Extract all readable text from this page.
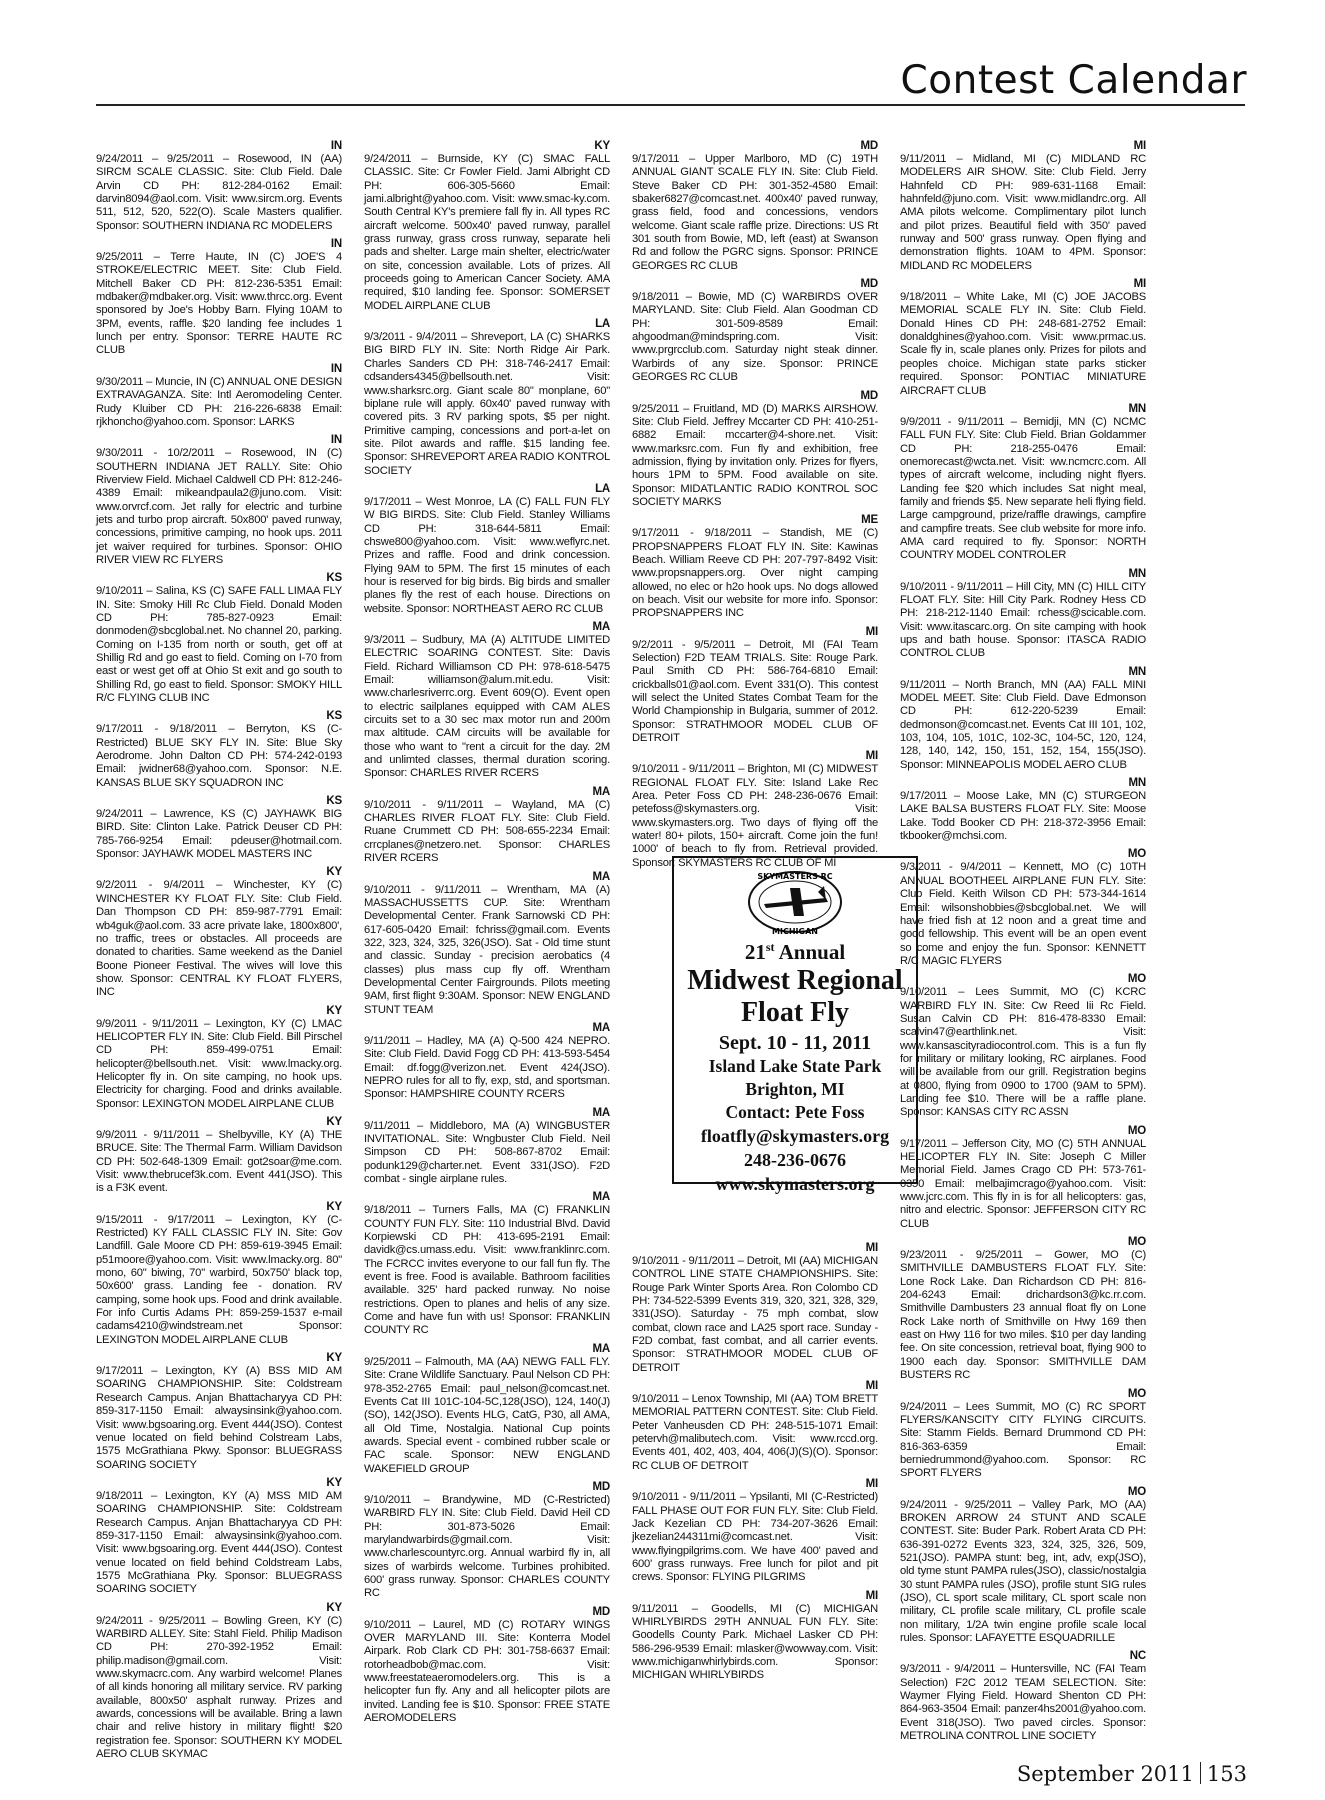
Contest Calendar
IN
9/24/2011 – 9/25/2011 – Rosewood, IN (AA) SIRCM SCALE CLASSIC. Site: Club Field. Dale Arvin CD PH: 812-284-0162 Email: darvin8094@aol.com. Visit: www.sircm.org. Events 511, 512, 520, 522(O). Scale Masters qualifier. Sponsor: SOUTHERN INDIANA RC MODELERS
IN
9/25/2011 – Terre Haute, IN (C) JOE'S 4 STROKE/ELECTRIC MEET. Site: Club Field. Mitchell Baker CD PH: 812-236-5351 Email: mdbaker@mdbaker.org. Visit: www.thrcc.org. Event sponsored by Joe's Hobby Barn. Flying 10AM to 3PM, events, raffle. $20 landing fee includes 1 lunch per entry. Sponsor: TERRE HAUTE RC CLUB
IN
9/30/2011 – Muncie, IN (C) ANNUAL ONE DESIGN EXTRAVAGANZA. Site: Intl Aeromodeling Center. Rudy Kluiber CD PH: 216-226-6838 Email: rjkhoncho@yahoo.com. Sponsor: LARKS
IN
9/30/2011 - 10/2/2011 – Rosewood, IN (C) SOUTHERN INDIANA JET RALLY. Site: Ohio Riverview Field. Michael Caldwell CD PH: 812-246-4389 Email: mikeandpaula2@juno.com. Visit: www.orvrcf.com. Jet rally for electric and turbine jets and turbo prop aircraft. 50x800' paved runway, concessions, primitive camping, no hook ups. 2011 jet waiver required for turbines. Sponsor: OHIO RIVER VIEW RC FLYERS
KS
9/10/2011 – Salina, KS (C) SAFE FALL LIMAA FLY IN. Site: Smoky Hill Rc Club Field. Donald Moden CD PH: 785-827-0923 Email: donmoden@sbcglobal.net. No channel 20, parking. Coming on I-135 from north or south, get off at Shillig Rd and go east to field. Coming on I-70 from east or west get off at Ohio St exit and go south to Shilling Rd, go east to field. Sponsor: SMOKY HILL R/C FLYING CLUB INC
KS
9/17/2011 - 9/18/2011 – Berryton, KS (C-Restricted) BLUE SKY FLY IN. Site: Blue Sky Aerodrome. John Dalton CD PH: 574-242-0193 Email: jwidner68@yahoo.com. Sponsor: N.E. KANSAS BLUE SKY SQUADRON INC
KS
9/24/2011 – Lawrence, KS (C) JAYHAWK BIG BIRD. Site: Clinton Lake. Patrick Deuser CD PH: 785-766-9254 Email: pdeuser@hotmail.com. Sponsor: JAYHAWK MODEL MASTERS INC
KY
9/2/2011 - 9/4/2011 – Winchester, KY (C) WINCHESTER KY FLOAT FLY. Site: Club Field. Dan Thompson CD PH: 859-987-7791 Email: wb4guk@aol.com. 33 acre private lake, 1800x800', no traffic, trees or obstacles. All proceeds are donated to charities. Same weekend as the Daniel Boone Pioneer Festival. The wives will love this show. Sponsor: CENTRAL KY FLOAT FLYERS, INC
KY
9/9/2011 - 9/11/2011 – Lexington, KY (C) LMAC HELICOPTER FLY IN. Site: Club Field. Bill Pirschel CD PH: 859-499-0751 Email: helicopter@bellsouth.net. Visit: www.lmacky.org. Helicopter fly in. On site camping, no hook ups. Electricity for charging. Food and drinks available. Sponsor: LEXINGTON MODEL AIRPLANE CLUB
KY
9/9/2011 - 9/11/2011 – Shelbyville, KY (A) THE BRUCE. Site: The Thermal Farm. William Davidson CD PH: 502-648-1309 Email: got2soar@me.com. Visit: www.thebrucef3k.com. Event 441(JSO). This is a F3K event.
KY
9/15/2011 - 9/17/2011 – Lexington, KY (C-Restricted) KY FALL CLASSIC FLY IN. Site: Gov Landfill. Gale Moore CD PH: 859-619-3945 Email: p51moore@yahoo.com. Visit: www.lmacky.org. 80" mono, 60" biwing, 70" warbird, 50x750' black top, 50x600' grass. Landing fee - donation. RV camping, some hook ups. Food and drink available. For info Curtis Adams PH: 859-259-1537 e-mail cadams4210@windstream.net Sponsor: LEXINGTON MODEL AIRPLANE CLUB
KY
9/17/2011 – Lexington, KY (A) BSS MID AM SOARING CHAMPIONSHIP. Site: Coldstream Research Campus. Anjan Bhattacharyya CD PH: 859-317-1150 Email: alwaysinsink@yahoo.com. Visit: www.bgsoaring.org. Event 444(JSO). Contest venue located on field behind Colstream Labs, 1575 McGrathiana Pkwy. Sponsor: BLUEGRASS SOARING SOCIETY
KY
9/18/2011 – Lexington, KY (A) MSS MID AM SOARING CHAMPIONSHIP. Site: Coldstream Research Campus. Anjan Bhattacharyya CD PH: 859-317-1150 Email: alwaysinsink@yahoo.com. Visit: www.bgsoaring.org. Event 444(JSO). Contest venue located on field behind Coldstream Labs, 1575 McGrathiana Pky. Sponsor: BLUEGRASS SOARING SOCIETY
KY
9/24/2011 - 9/25/2011 – Bowling Green, KY (C) WARBIRD ALLEY. Site: Stahl Field. Philip Madison CD PH: 270-392-1952 Email: philip.madison@gmail.com. Visit: www.skymacrc.com. Any warbird welcome! Planes of all kinds honoring all military service. RV parking available, 800x50' asphalt runway. Prizes and awards, concessions will be available. Bring a lawn chair and relive history in military flight! $20 registration fee. Sponsor: SOUTHERN KY MODEL AERO CLUB SKYMAC
KY
9/24/2011 – Burnside, KY (C) SMAC FALL CLASSIC. Site: Cr Fowler Field. Jami Albright CD PH: 606-305-5660 Email: jami.albright@yahoo.com. Visit: www.smac-ky.com. South Central KY's premiere fall fly in. All types RC aircraft welcome. 500x40' paved runway, parallel grass runway, grass cross runway, separate heli pads and shelter. Large main shelter, electric/water on site, concession available. Lots of prizes. All proceeds going to American Cancer Society. AMA required, $10 landing fee. Sponsor: SOMERSET MODEL AIRPLANE CLUB
LA
9/3/2011 - 9/4/2011 – Shreveport, LA (C) SHARKS BIG BIRD FLY IN. Site: North Ridge Air Park. Charles Sanders CD PH: 318-746-2417 Email: cdsanders4345@bellsouth.net. Visit: www.sharksrc.org. Giant scale 80" monplane, 60" biplane rule will apply. 60x40' paved runway with covered pits. 3 RV parking spots, $5 per night. Primitive camping, concessions and port-a-let on site. Pilot awards and raffle. $15 landing fee. Sponsor: SHREVEPORT AREA RADIO KONTROL SOCIETY
LA
9/17/2011 – West Monroe, LA (C) FALL FUN FLY W BIG BIRDS. Site: Club Field. Stanley Williams CD PH: 318-644-5811 Email: chswe800@yahoo.com. Visit: www.weflyrc.net. Prizes and raffle. Food and drink concession. Flying 9AM to 5PM. The first 15 minutes of each hour is reserved for big birds. Big birds and smaller planes fly the rest of each house. Directions on website. Sponsor: NORTHEAST AERO RC CLUB
MA
9/3/2011 – Sudbury, MA (A) ALTITUDE LIMITED ELECTRIC SOARING CONTEST. Site: Davis Field. Richard Williamson CD PH: 978-618-5475 Email: williamson@alum.mit.edu. Visit: www.charlesriverrc.org. Event 609(O). Event open to electric sailplanes equipped with CAM ALES circuits set to a 30 sec max motor run and 200m max altitude. CAM circuits will be available for those who want to "rent a circuit for the day. 2M and unlimted classes, thermal duration scoring. Sponsor: CHARLES RIVER RCERS
MA
9/10/2011 - 9/11/2011 – Wayland, MA (C) CHARLES RIVER FLOAT FLY. Site: Club Field. Ruane Crummett CD PH: 508-655-2234 Email: crrcplanes@netzero.net. Sponsor: CHARLES RIVER RCERS
MA
9/10/2011 - 9/11/2011 – Wrentham, MA (A) MASSACHUSSETTS CUP. Site: Wrentham Developmental Center. Frank Sarnowski CD PH: 617-605-0420 Email: fchriss@gmail.com. Events 322, 323, 324, 325, 326(JSO). Sat - Old time stunt and classic. Sunday - precision aerobatics (4 classes) plus mass cup fly off. Wrentham Developmental Center Fairgrounds. Pilots meeting 9AM, first flight 9:30AM. Sponsor: NEW ENGLAND STUNT TEAM
MA
9/11/2011 – Hadley, MA (A) Q-500 424 NEPRO. Site: Club Field. David Fogg CD PH: 413-593-5454 Email: df.fogg@verizon.net. Event 424(JSO). NEPRO rules for all to fly, exp, std, and sportsman. Sponsor: HAMPSHIRE COUNTY RCERS
MA
9/11/2011 – Middleboro, MA (A) WINGBUSTER INVITATIONAL. Site: Wngbuster Club Field. Neil Simpson CD PH: 508-867-8702 Email: podunk129@charter.net. Event 331(JSO). F2D combat - single airplane rules.
MA
9/18/2011 – Turners Falls, MA (C) FRANKLIN COUNTY FUN FLY. Site: 110 Industrial Blvd. David Korpiewski CD PH: 413-695-2191 Email: davidk@cs.umass.edu. Visit: www.franklinrc.com. The FCRCC invites everyone to our fall fun fly. The event is free. Food is available. Bathroom facilities available. 325' hard packed runway. No noise restrictions. Open to planes and helis of any size. Come and have fun with us! Sponsor: FRANKLIN COUNTY RC
MA
9/25/2011 – Falmouth, MA (AA) NEWG FALL FLY. Site: Crane Wildlife Sanctuary. Paul Nelson CD PH: 978-352-2765 Email: paul_nelson@comcast.net. Events Cat III 101C-104-5C,128(JSO), 124, 140(J)(SO), 142(JSO). Events HLG, CatG, P30, all AMA, all Old Time, Nostalgia. National Cup points awards. Special event - combined rubber scale or FAC scale. Sponsor: NEW ENGLAND WAKEFIELD GROUP
MD
9/10/2011 – Brandywine, MD (C-Restricted) WARBIRD FLY IN. Site: Club Field. David Heil CD PH: 301-873-5026 Email: marylandwarbirds@gmail.com. Visit: www.charlescountyrc.org. Annual warbird fly in, all sizes of warbirds welcome. Turbines prohibited. 600' grass runway. Sponsor: CHARLES COUNTY RC
MD
9/10/2011 – Laurel, MD (C) ROTARY WINGS OVER MARYLAND III. Site: Konterra Model Airpark. Rob Clark CD PH: 301-758-6637 Email: rotorheadbob@mac.com. Visit: www.freestateaeromodelers.org. This is a helicopter fun fly. Any and all helicopter pilots are invited. Landing fee is $10. Sponsor: FREE STATE AEROMODELERS
MD
9/17/2011 – Upper Marlboro, MD (C) 19TH ANNUAL GIANT SCALE FLY IN. Site: Club Field. Steve Baker CD PH: 301-352-4580 Email: sbaker6827@comcast.net. 400x40' paved runway, grass field, food and concessions, vendors welcome. Giant scale raffle prize. Directions: US Rt 301 south from Bowie, MD, left (east) at Swanson Rd and follow the PGRC signs. Sponsor: PRINCE GEORGES RC CLUB
MD
9/18/2011 – Bowie, MD (C) WARBIRDS OVER MARYLAND. Site: Club Field. Alan Goodman CD PH: 301-509-8589 Email: ahgoodman@mindspring.com. Visit: www.prgrcclub.com. Saturday night steak dinner. Warbirds of any size. Sponsor: PRINCE GEORGES RC CLUB
MD
9/25/2011 – Fruitland, MD (D) MARKS AIRSHOW. Site: Club Field. Jeffrey Mccarter CD PH: 410-251-6882 Email: mccarter@4-shore.net. Visit: www.marksrc.com. Fun fly and exhibition, free admission, flying by invitation only. Prizes for flyers, hours 1PM to 5PM. Food available on site. Sponsor: MIDATLANTIC RADIO KONTROL SOC SOCIETY MARKS
ME
9/17/2011 - 9/18/2011 – Standish, ME (C) PROPSNAPPERS FLOAT FLY IN. Site: Kawinas Beach. William Reeve CD PH: 207-797-8492 Visit: www.propsnappers.org. Over night camping allowed, no elec or h2o hook ups. No dogs allowed on beach. Visit our website for more info. Sponsor: PROPSNAPPERS INC
MI
9/2/2011 - 9/5/2011 – Detroit, MI (FAI Team Selection) F2D TEAM TRIALS. Site: Rouge Park. Paul Smith CD PH: 586-764-6810 Email: crickballs01@aol.com. Event 331(O). This contest will select the United States Combat Team for the World Championship in Bulgaria, summer of 2012. Sponsor: STRATHMOOR MODEL CLUB OF DETROIT
MI
9/10/2011 - 9/11/2011 – Brighton, MI (C) MIDWEST REGIONAL FLOAT FLY. Site: Island Lake Rec Area. Peter Foss CD PH: 248-236-0676 Email: petefoss@skymasters.org. Visit: www.skymasters.org. Two days of flying off the water! 80+ pilots, 150+ aircraft. Come join the fun! 1000' of beach to fly from. Retrieval provided. Sponsor: SKYMASTERS RC CLUB OF MI
MI
9/11/2011 – Midland, MI (C) MIDLAND RC MODELERS AIR SHOW. Site: Club Field. Jerry Hahnfeld CD PH: 989-631-1168 Email: hahnfeld@juno.com. Visit: www.midlandrc.org. All AMA pilots welcome. Complimentary pilot lunch and pilot prizes. Beautiful field with 350' paved runway and 500' grass runway. Open flying and demonstration flights. 10AM to 4PM. Sponsor: MIDLAND RC MODELERS
MI
9/18/2011 – White Lake, MI (C) JOE JACOBS MEMORIAL SCALE FLY IN. Site: Club Field. Donald Hines CD PH: 248-681-2752 Email: donaldghines@yahoo.com. Visit: www.prmac.us. Scale fly in, scale planes only. Prizes for pilots and peoples choice. Michigan state parks sticker required. Sponsor: PONTIAC MINIATURE AIRCRAFT CLUB
MN
9/9/2011 - 9/11/2011 – Bemidji, MN (C) NCMC FALL FUN FLY. Site: Club Field. Brian Goldammer CD PH: 218-255-0476 Email: onemorecast@wcta.net. Visit: ww.ncmcrc.com. All types of aircraft welcome, including night flyers. Landing fee $20 which includes Sat night meal, family and friends $5. New separate heli flying field. Large campground, prize/raffle drawings, campfire and campfire treats. See club website for more info. AMA card required to fly. Sponsor: NORTH COUNTRY MODEL CONTROLER
MN
9/10/2011 - 9/11/2011 – Hill City, MN (C) HILL CITY FLOAT FLY. Site: Hill City Park. Rodney Hess CD PH: 218-212-1140 Email: rchess@scicable.com. Visit: www.itascarc.org. On site camping with hook ups and bath house. Sponsor: ITASCA RADIO CONTROL CLUB
MN
9/11/2011 – North Branch, MN (AA) FALL MINI MODEL MEET. Site: Club Field. Dave Edmonson CD PH: 612-220-5239 Email: dedmonson@comcast.net. Events Cat III 101, 102, 103, 104, 105, 101C, 102-3C, 104-5C, 120, 124, 128, 140, 142, 150, 151, 152, 154, 155(JSO). Sponsor: MINNEAPOLIS MODEL AERO CLUB
MN
9/17/2011 – Moose Lake, MN (C) STURGEON LAKE BALSA BUSTERS FLOAT FLY. Site: Moose Lake. Todd Booker CD PH: 218-372-3956 Email: tkbooker@mchsi.com.
MO
9/3/2011 - 9/4/2011 – Kennett, MO (C) 10TH ANNUAL BOOTHEEL AIRPLANE FUN FLY. Site: Club Field. Keith Wilson CD PH: 573-344-1614 Email: wilsonshobbies@sbcglobal.net. We will have fried fish at 12 noon and a great time and good fellowship. This event will be an open event so come and enjoy the fun. Sponsor: KENNETT R/C MAGIC FLYERS
MO
9/10/2011 – Lees Summit, MO (C) KCRC WARBIRD FLY IN. Site: Cw Reed Iii Rc Field. Susan Calvin CD PH: 816-478-8330 Email: scalvin47@earthlink.net. Visit: www.kansascityradiocontrol.com. This is a fun fly for military or military looking, RC airplanes. Food will be available from our grill. Registration begins at 0800, flying from 0900 to 1700 (9AM to 5PM). Landing fee $10. There will be a raffle plane. Sponsor: KANSAS CITY RC ASSN
MO
9/17/2011 – Jefferson City, MO (C) 5TH ANNUAL HELICOPTER FLY IN. Site: Joseph C Miller Memorial Field. James Crago CD PH: 573-761-0350 Email: melbajimcrago@yahoo.com. Visit: www.jcrc.com. This fly in is for all helicopters: gas, nitro and electric. Sponsor: JEFFERSON CITY RC CLUB
MO
9/23/2011 - 9/25/2011 – Gower, MO (C) SMITHVILLE DAMBUSTERS FLOAT FLY. Site: Lone Rock Lake. Dan Richardson CD PH: 816-204-6243 Email: drichardson3@kc.rr.com. Smithville Dambusters 23 annual float fly on Lone Rock Lake north of Smithville on Hwy 169 then east on Hwy 116 for two miles. $10 per day landing fee. On site concession, retrieval boat, flying 900 to 1900 each day. Sponsor: SMITHVILLE DAM BUSTERS RC
MO
9/24/2011 – Lees Summit, MO (C) RC SPORT FLYERS/KANSCITY CITY FLYING CIRCUITS. Site: Stamm Fields. Bernard Drummond CD PH: 816-363-6359 Email: berniedrummond@yahoo.com. Sponsor: RC SPORT FLYERS
MO
9/24/2011 - 9/25/2011 – Valley Park, MO (AA) BROKEN ARROW 24 STUNT AND SCALE CONTEST. Site: Buder Park. Robert Arata CD PH: 636-391-0272 Events 323, 324, 325, 326, 509, 521(JSO). PAMPA stunt: beg, int, adv, exp(JSO), old tyme stunt PAMPA rules(JSO), classic/nostalgia 30 stunt PAMPA rules (JSO), profile stunt SIG rules (JSO), CL sport scale military, CL sport scale non military, CL profile scale military, CL profile scale non military, 1/2A twin engine profile scale local rules. Sponsor: LAFAYETTE ESQUADRILLE
NC
9/3/2011 - 9/4/2011 – Huntersville, NC (FAI Team Selection) F2C 2012 TEAM SELECTION. Site: Waymer Flying Field. Howard Shenton CD PH: 864-963-3504 Email: panzer4hs2001@yahoo.com. Event 318(JSO). Two paved circles. Sponsor: METROLINA CONTROL LINE SOCIETY
MI
9/10/2011 - 9/11/2011 – Detroit, MI (AA) MICHIGAN CONTROL LINE STATE CHAMPIONSHIPS. Site: Rouge Park Winter Sports Area. Ron Colombo CD PH: 734-522-5399 Events 319, 320, 321, 328, 329, 331(JSO). Saturday - 75 mph combat, slow combat, clown race and LA25 sport race. Sunday - F2D combat, fast combat, and all carrier events. Sponsor: STRATHMOOR MODEL CLUB OF DETROIT
MI
9/10/2011 – Lenox Township, MI (AA) TOM BRETT MEMORIAL PATTERN CONTEST. Site: Club Field. Peter Vanheusden CD PH: 248-515-1071 Email: petervh@malibutech.com. Visit: www.rccd.org. Events 401, 402, 403, 404, 406(J)(S)(O). Sponsor: RC CLUB OF DETROIT
MI
9/10/2011 - 9/11/2011 – Ypsilanti, MI (C-Restricted) FALL PHASE OUT FOR FUN FLY. Site: Club Field. Jack Kezelian CD PH: 734-207-3626 Email: jkezelian244311mi@comcast.net. Visit: www.flyingpilgrims.com. We have 400' paved and 600' grass runways. Free lunch for pilot and pit crews. Sponsor: FLYING PILGRIMS
MI
9/11/2011 – Goodells, MI (C) MICHIGAN WHIRLYBIRDS 29TH ANNUAL FUN FLY. Site: Goodells County Park. Michael Lasker CD PH: 586-296-9539 Email: mlasker@wowway.com. Visit: www.michiganwhirlybirds.com. Sponsor: MICHIGAN WHIRLYBIRDS
SKYMASTERS RC
MICHIGAN
21st Annual
Midwest Regional
Float Fly
Sept. 10 - 11, 2011
Island Lake State Park
Brighton, MI
Contact: Pete Foss
floatfly@skymasters.org
248-236-0676
www.skymasters.org
September 2011 153
